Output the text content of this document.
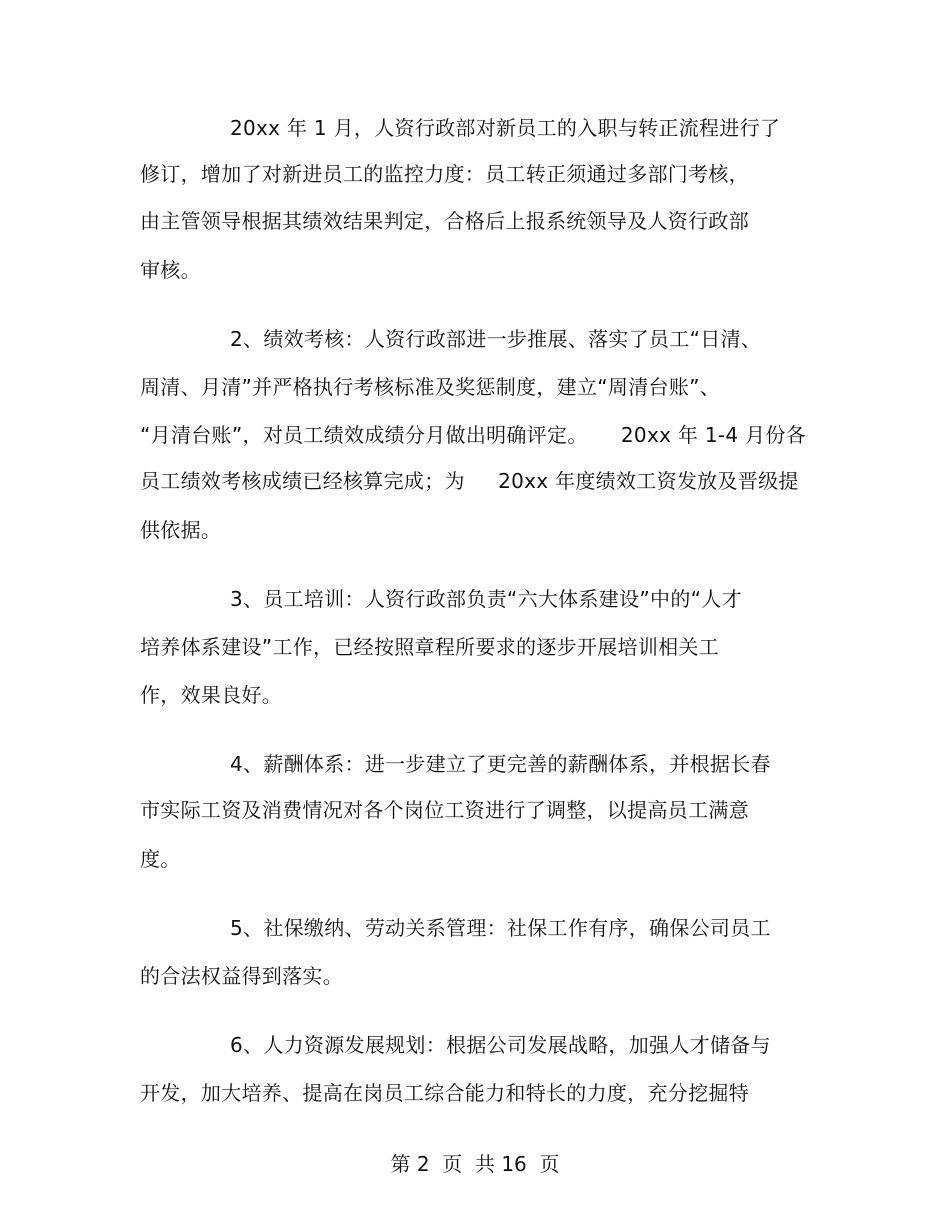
20xx 年 1 月，人资行政部对新员工的入职与转正流程进行了
修订，增加了对新进员工的监控力度：员工转正须通过多部门考核，
由主管领导根据其绩效结果判定，合格后上报系统领导及人资行政部
审核。
2、绩效考核：人资行政部进一步推展、落实了员工“日清、
周清、月清”并严格执行考核标准及奖惩制度，建立“周清台账”、
“月清台账”，对员工绩效成绩分月做出明确评定。     20xx 年 1-4 月份各
员工绩效考核成绩已经核算完成；为     20xx 年度绩效工资发放及晋级提
供依据。
3、员工培训：人资行政部负责“六大体系建设”中的“人才
培养体系建设”工作，已经按照章程所要求的逐步开展培训相关工
作，效果良好。
4、薪酬体系：进一步建立了更完善的薪酬体系，并根据长春
市实际工资及消费情况对各个岗位工资进行了调整，以提高员工满意
度。
5、社保缴纳、劳动关系管理：社保工作有序，确保公司员工
的合法权益得到落实。
6、人力资源发展规划：根据公司发展战略，加强人才储备与
开发，加大培养、提高在岗员工综合能力和特长的力度，充分挖掘特
第 2  页  共 16  页
